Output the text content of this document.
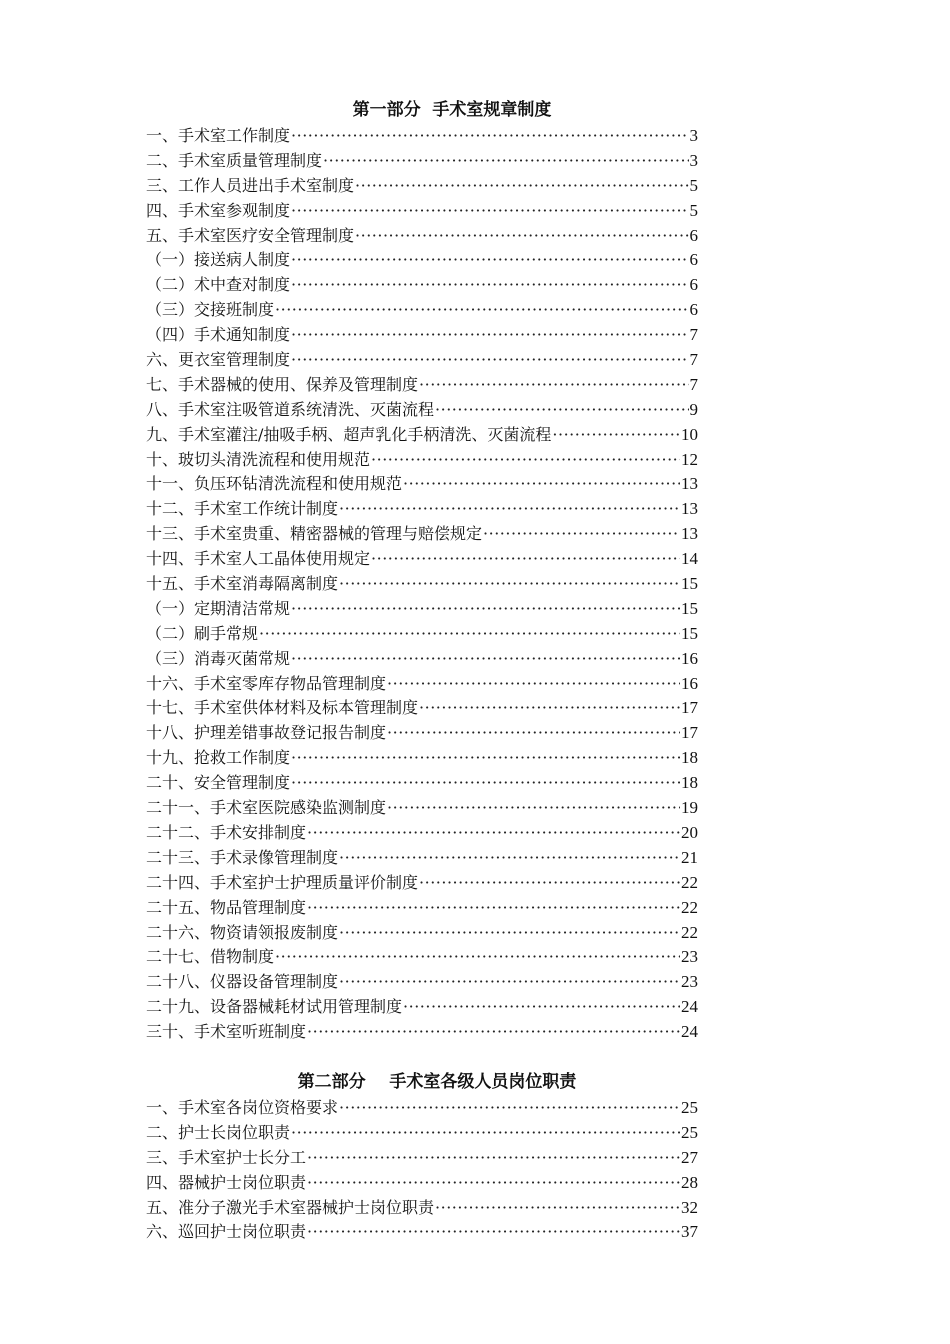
第一部分  手术室规章制度
一、手术室工作制度 ·····	3
二、手术室质量管理制度 ·····	3
三、工作人员进出手术室制度 ·····	5
四、手术室参观制度 ·····	5
五、手术室医疗安全管理制度 ·····	6
（一）接送病人制度 ·····	6
（二）术中查对制度 ·····	6
（三）交接班制度 ·····	6
（四）手术通知制度 ·····	7
六、更衣室管理制度 ·····	7
七、手术器械的使用、保养及管理制度 ·····	7
八、手术室注吸管道系统清洗、灭菌流程 ·····	9
九、手术室灌注/抽吸手柄、超声乳化手柄清洗、灭菌流程 ·····	10
十、玻切头清洗流程和使用规范 ·····	12
十一、负压环钻清洗流程和使用规范 ·····	13
十二、手术室工作统计制度 ·····	13
十三、手术室贵重、精密器械的管理与赔偿规定 ·····	13
十四、手术室人工晶体使用规定 ·····	14
十五、手术室消毒隔离制度 ·····	15
（一）定期清洁常规 ·····	15
（二）刷手常规 ·····	15
（三）消毒灭菌常规 ·····	16
十六、手术室零库存物品管理制度 ·····	16
十七、手术室供体材料及标本管理制度 ·····	17
十八、护理差错事故登记报告制度 ·····	17
十九、抢救工作制度 ·····	18
二十、安全管理制度 ·····	18
二十一、手术室医院感染监测制度 ·····	19
二十二、手术安排制度 ·····	20
二十三、手术录像管理制度 ·····	21
二十四、手术室护士护理质量评价制度 ·····	22
二十五、物品管理制度 ·····	22
二十六、物资请领报废制度 ·····	22
二十七、借物制度 ·····	23
二十八、仪器设备管理制度 ·····	23
二十九、设备器械耗材试用管理制度 ·····	24
三十、手术室听班制度 ·····	24
第二部分    手术室各级人员岗位职责
一、手术室各岗位资格要求 ·····	25
二、护士长岗位职责 ·····	25
三、手术室护士长分工 ·····	27
四、器械护士岗位职责 ·····	28
五、准分子激光手术室器械护士岗位职责 ·····	32
六、巡回护士岗位职责 ·····	37
